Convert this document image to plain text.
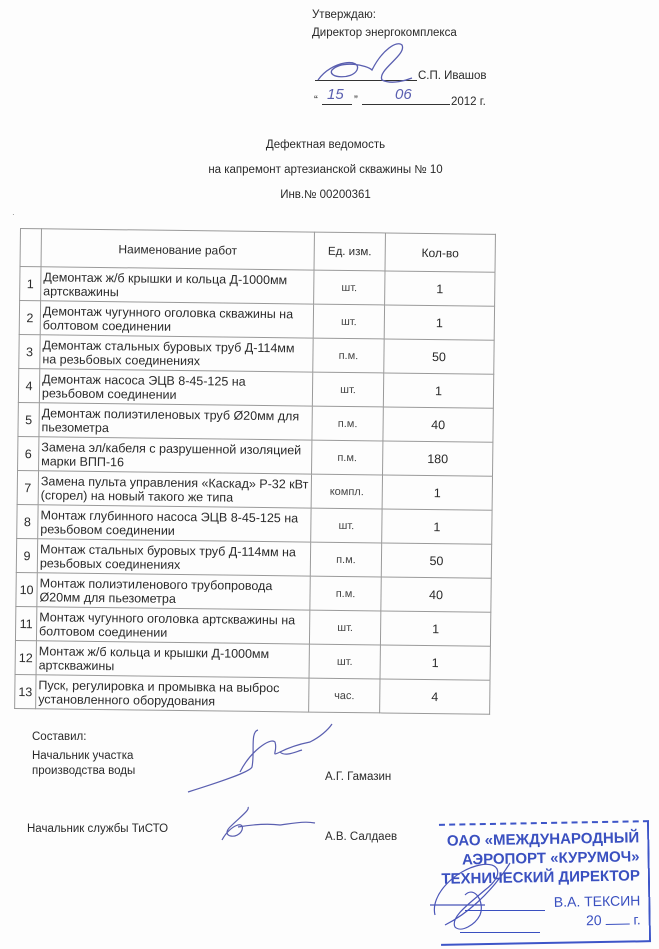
Утверждаю:
Директор энергокомплекса
С.П. Ивашов
“ 15 ” 06	2012 г.
Дефектная ведомость
на капремонт артезианской скважины № 10
Инв.№ 00200361
·
	Наименование работ	Ед. изм.	Кол-во
1	Демонтаж ж/б крышки и кольца Д-1000мм артскважины	шт.	1
2	Демонтаж чугунного оголовка скважины на болтовом соединении	шт.	1
3	Демонтаж стальных буровых труб Д-114мм на резьбовых соединениях	п.м.	50
4	Демонтаж насоса ЭЦВ 8-45-125 на резьбовом соединении	шт.	1
5	Демонтаж полиэтиленовых труб Ø20мм для пьезометра	п.м.	40
6	Замена эл/кабеля с разрушенной изоляцией марки ВПП-16	п.м.	180
7	Замена пульта управления «Каскад» Р-32 кВт (сгорел) на новый такого же типа	компл.	1
8	Монтаж глубинного насоса ЭЦВ 8-45-125 на резьбовом соединении	шт.	1
9	Монтаж стальных буровых труб Д-114мм на резьбовых соединениях	п.м.	50
10	Монтаж полиэтиленового трубопровода Ø20мм для пьезометра	п.м.	40
11	Монтаж чугунного оголовка артскважины на болтовом соединении	шт.	1
12	Монтаж ж/б кольца и крышки Д-1000мм артскважины	шт.	1
13	Пуск, регулировка и промывка на выброс установленного оборудования	час.	4
Составил:
Начальник участка
производства воды	А.Г. Гамазин
Начальник службы ТиСТО
А.В. Салдаев	ОАО «МЕЖДУНАРОДНЫЙ
АЭРОПОРТ «КУРУМОЧ»
ТЕХНИЧЕСКИЙ ДИРЕКТОР
В.А. ТЕКСИН
20 г.
